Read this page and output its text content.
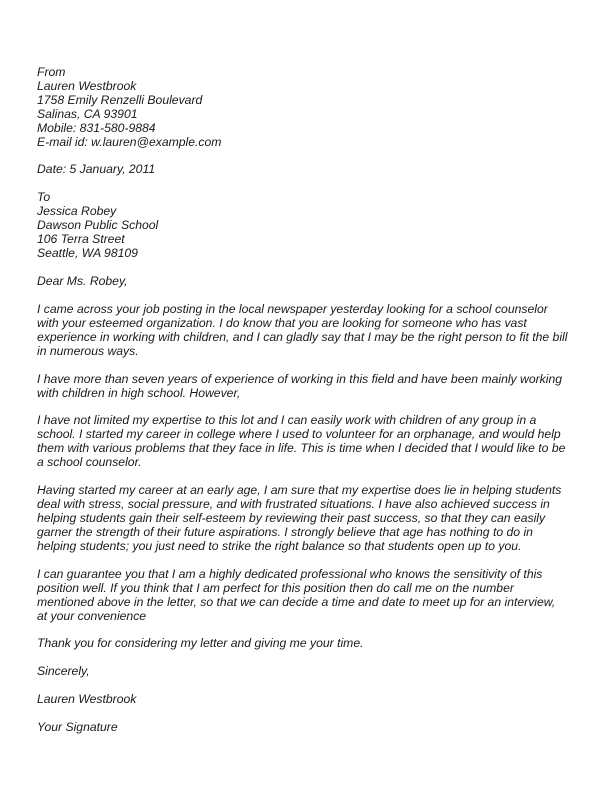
From
Lauren Westbrook
1758 Emily Renzelli Boulevard
Salinas, CA 93901
Mobile: 831-580-9884
E-mail id: w.lauren@example.com
Date: 5 January, 2011
To
Jessica Robey
Dawson Public School
106 Terra Street
Seattle, WA 98109
Dear Ms. Robey,
I came across your job posting in the local newspaper yesterday looking for a school counselor
with your esteemed organization. I do know that you are looking for someone who has vast
experience in working with children, and I can gladly say that I may be the right person to fit the bill
in numerous ways.
I have more than seven years of experience of working in this field and have been mainly working
with children in high school. However,
I have not limited my expertise to this lot and I can easily work with children of any group in a
school. I started my career in college where I used to volunteer for an orphanage, and would help
them with various problems that they face in life. This is time when I decided that I would like to be
a school counselor.
Having started my career at an early age, I am sure that my expertise does lie in helping students
deal with stress, social pressure, and with frustrated situations. I have also achieved success in
helping students gain their self-esteem by reviewing their past success, so that they can easily
garner the strength of their future aspirations. I strongly believe that age has nothing to do in
helping students; you just need to strike the right balance so that students open up to you.
I can guarantee you that I am a highly dedicated professional who knows the sensitivity of this
position well. If you think that I am perfect for this position then do call me on the number
mentioned above in the letter, so that we can decide a time and date to meet up for an interview,
at your convenience
Thank you for considering my letter and giving me your time.
Sincerely,
Lauren Westbrook
Your Signature
